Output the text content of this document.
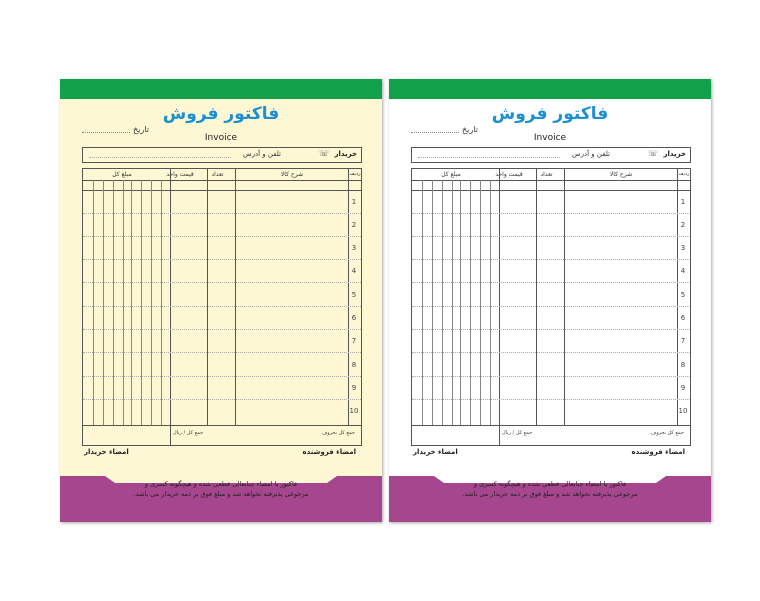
فاکتور فروش
Invoice
تاریخ
خریدار
☏
تلفن و آدرس
ردیف
شرح کالا
تعداد
قیمت واحد
مبلغ کل
1
2
3
4
5
6
7
8
9
10
جمع کل بحروف
جمع کل / ریال
امضاء فروشنده
امضاء خریدار
فاکتور با امضاء جنابعالی قطعی شده و هیچگونه کسری و
مرجوعی پذیرفته نخواهد شد و مبلغ فوق بر ذمه خریدار می باشد.
فاکتور فروش
Invoice
تاریخ
خریدار
☏
تلفن و آدرس
ردیف
شرح کالا
تعداد
قیمت واحد
مبلغ کل
1
2
3
4
5
6
7
8
9
10
جمع کل بحروف
جمع کل / ریال
امضاء فروشنده
امضاء خریدار
فاکتور با امضاء جنابعالی قطعی شده و هیچگونه کسری و
مرجوعی پذیرفته نخواهد شد و مبلغ فوق بر ذمه خریدار می باشد.
